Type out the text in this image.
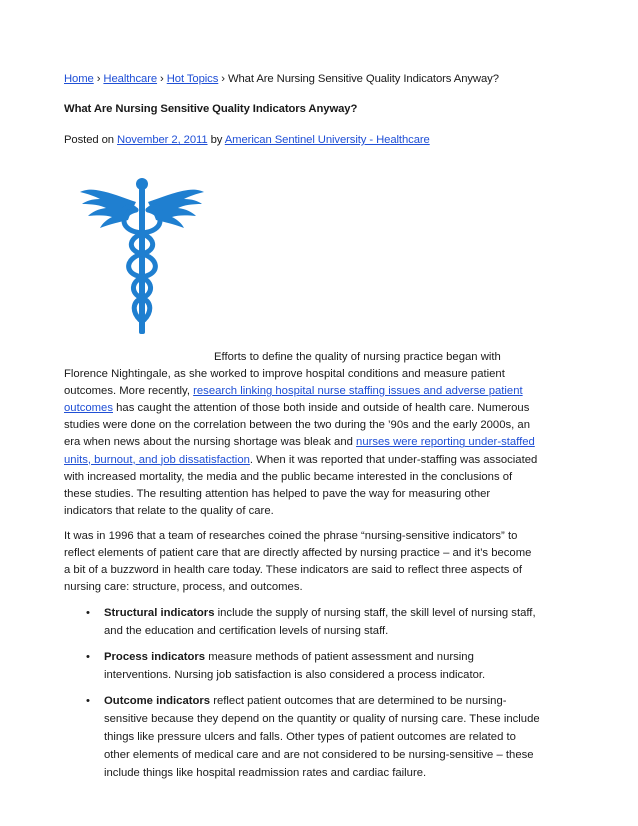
Home › Healthcare › Hot Topics › What Are Nursing Sensitive Quality Indicators Anyway?
What Are Nursing Sensitive Quality Indicators Anyway?
Posted on November 2, 2011 by American Sentinel University - Healthcare

Efforts to define the quality of nursing practice began with Florence Nightingale, as she worked to improve hospital conditions and measure patient outcomes. More recently, research linking hospital nurse staffing issues and adverse patient outcomes has caught the attention of those both inside and outside of health care. Numerous studies were done on the correlation between the two during the ’90s and the early 2000s, an era when news about the nursing shortage was bleak and nurses were reporting under-staffed units, burnout, and job dissatisfaction. When it was reported that under-staffing was associated with increased mortality, the media and the public became interested in the conclusions of these studies. The resulting attention has helped to pave the way for measuring other indicators that relate to the quality of care.

It was in 1996 that a team of researches coined the phrase “nursing-sensitive indicators” to reflect elements of patient care that are directly affected by nursing practice – and it’s become a bit of a buzzword in health care today. These indicators are said to reflect three aspects of nursing care: structure, process, and outcomes.

• Structural indicators include the supply of nursing staff, the skill level of nursing staff, and the education and certification levels of nursing staff.
• Process indicators measure methods of patient assessment and nursing interventions. Nursing job satisfaction is also considered a process indicator.
• Outcome indicators reflect patient outcomes that are determined to be nursing-sensitive because they depend on the quantity or quality of nursing care. These include things like pressure ulcers and falls. Other types of patient outcomes are related to other elements of medical care and are not considered to be nursing-sensitive – these include things like hospital readmission rates and cardiac failure.
